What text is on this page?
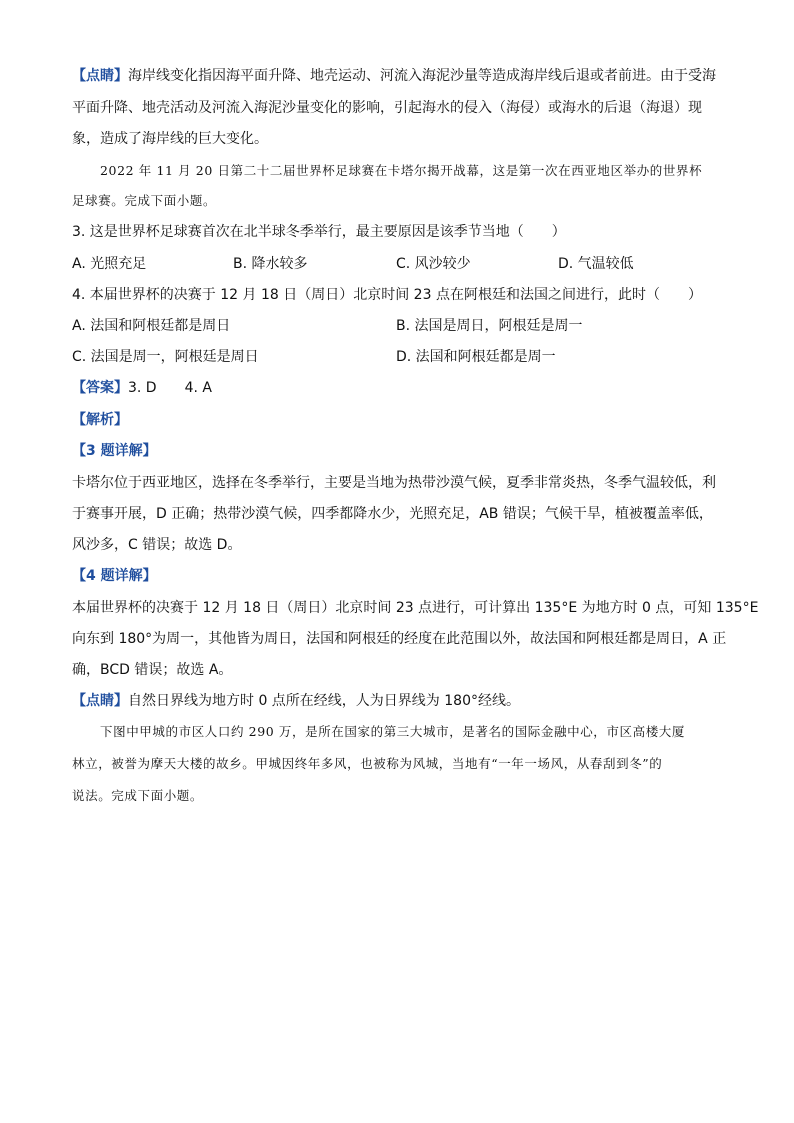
【点睛】海岸线变化指因海平面升降、地壳运动、河流入海泥沙量等造成海岸线后退或者前进。由于受海
平面升降、地壳活动及河流入海泥沙量变化的影响，引起海水的侵入（海侵）或海水的后退（海退）现
象，造成了海岸线的巨大变化。
2022 年 11 月 20 日第二十二届世界杯足球赛在卡塔尔揭开战幕，这是第一次在西亚地区举办的世界杯
足球赛。完成下面小题。
3. 这是世界杯足球赛首次在北半球冬季举行，最主要原因是该季节当地（　　）
A. 光照充足	B. 降水较多	C. 风沙较少	D. 气温较低
4. 本届世界杯的决赛于 12 月 18 日（周日）北京时间 23 点在阿根廷和法国之间进行，此时（　　）
A. 法国和阿根廷都是周日	B. 法国是周日，阿根廷是周一
C. 法国是周一，阿根廷是周日	D. 法国和阿根廷都是周一
【答案】3. D　　4. A
【解析】
【3 题详解】
卡塔尔位于西亚地区，选择在冬季举行，主要是当地为热带沙漠气候，夏季非常炎热，冬季气温较低，利
于赛事开展，D 正确；热带沙漠气候，四季都降水少，光照充足，AB 错误；气候干旱，植被覆盖率低，
风沙多，C 错误；故选 D。
【4 题详解】
本届世界杯的决赛于 12 月 18 日（周日）北京时间 23 点进行，可计算出 135°E 为地方时 0 点，可知 135°E
向东到 180°为周一，其他皆为周日，法国和阿根廷的经度在此范围以外，故法国和阿根廷都是周日，A 正
确，BCD 错误；故选 A。
【点睛】自然日界线为地方时 0 点所在经线，人为日界线为 180°经线。
下图中甲城的市区人口约 290 万，是所在国家的第三大城市，是著名的国际金融中心，市区高楼大厦
林立，被誉为摩天大楼的故乡。甲城因终年多风，也被称为风城，当地有“一年一场风，从春刮到冬”的
说法。完成下面小题。
